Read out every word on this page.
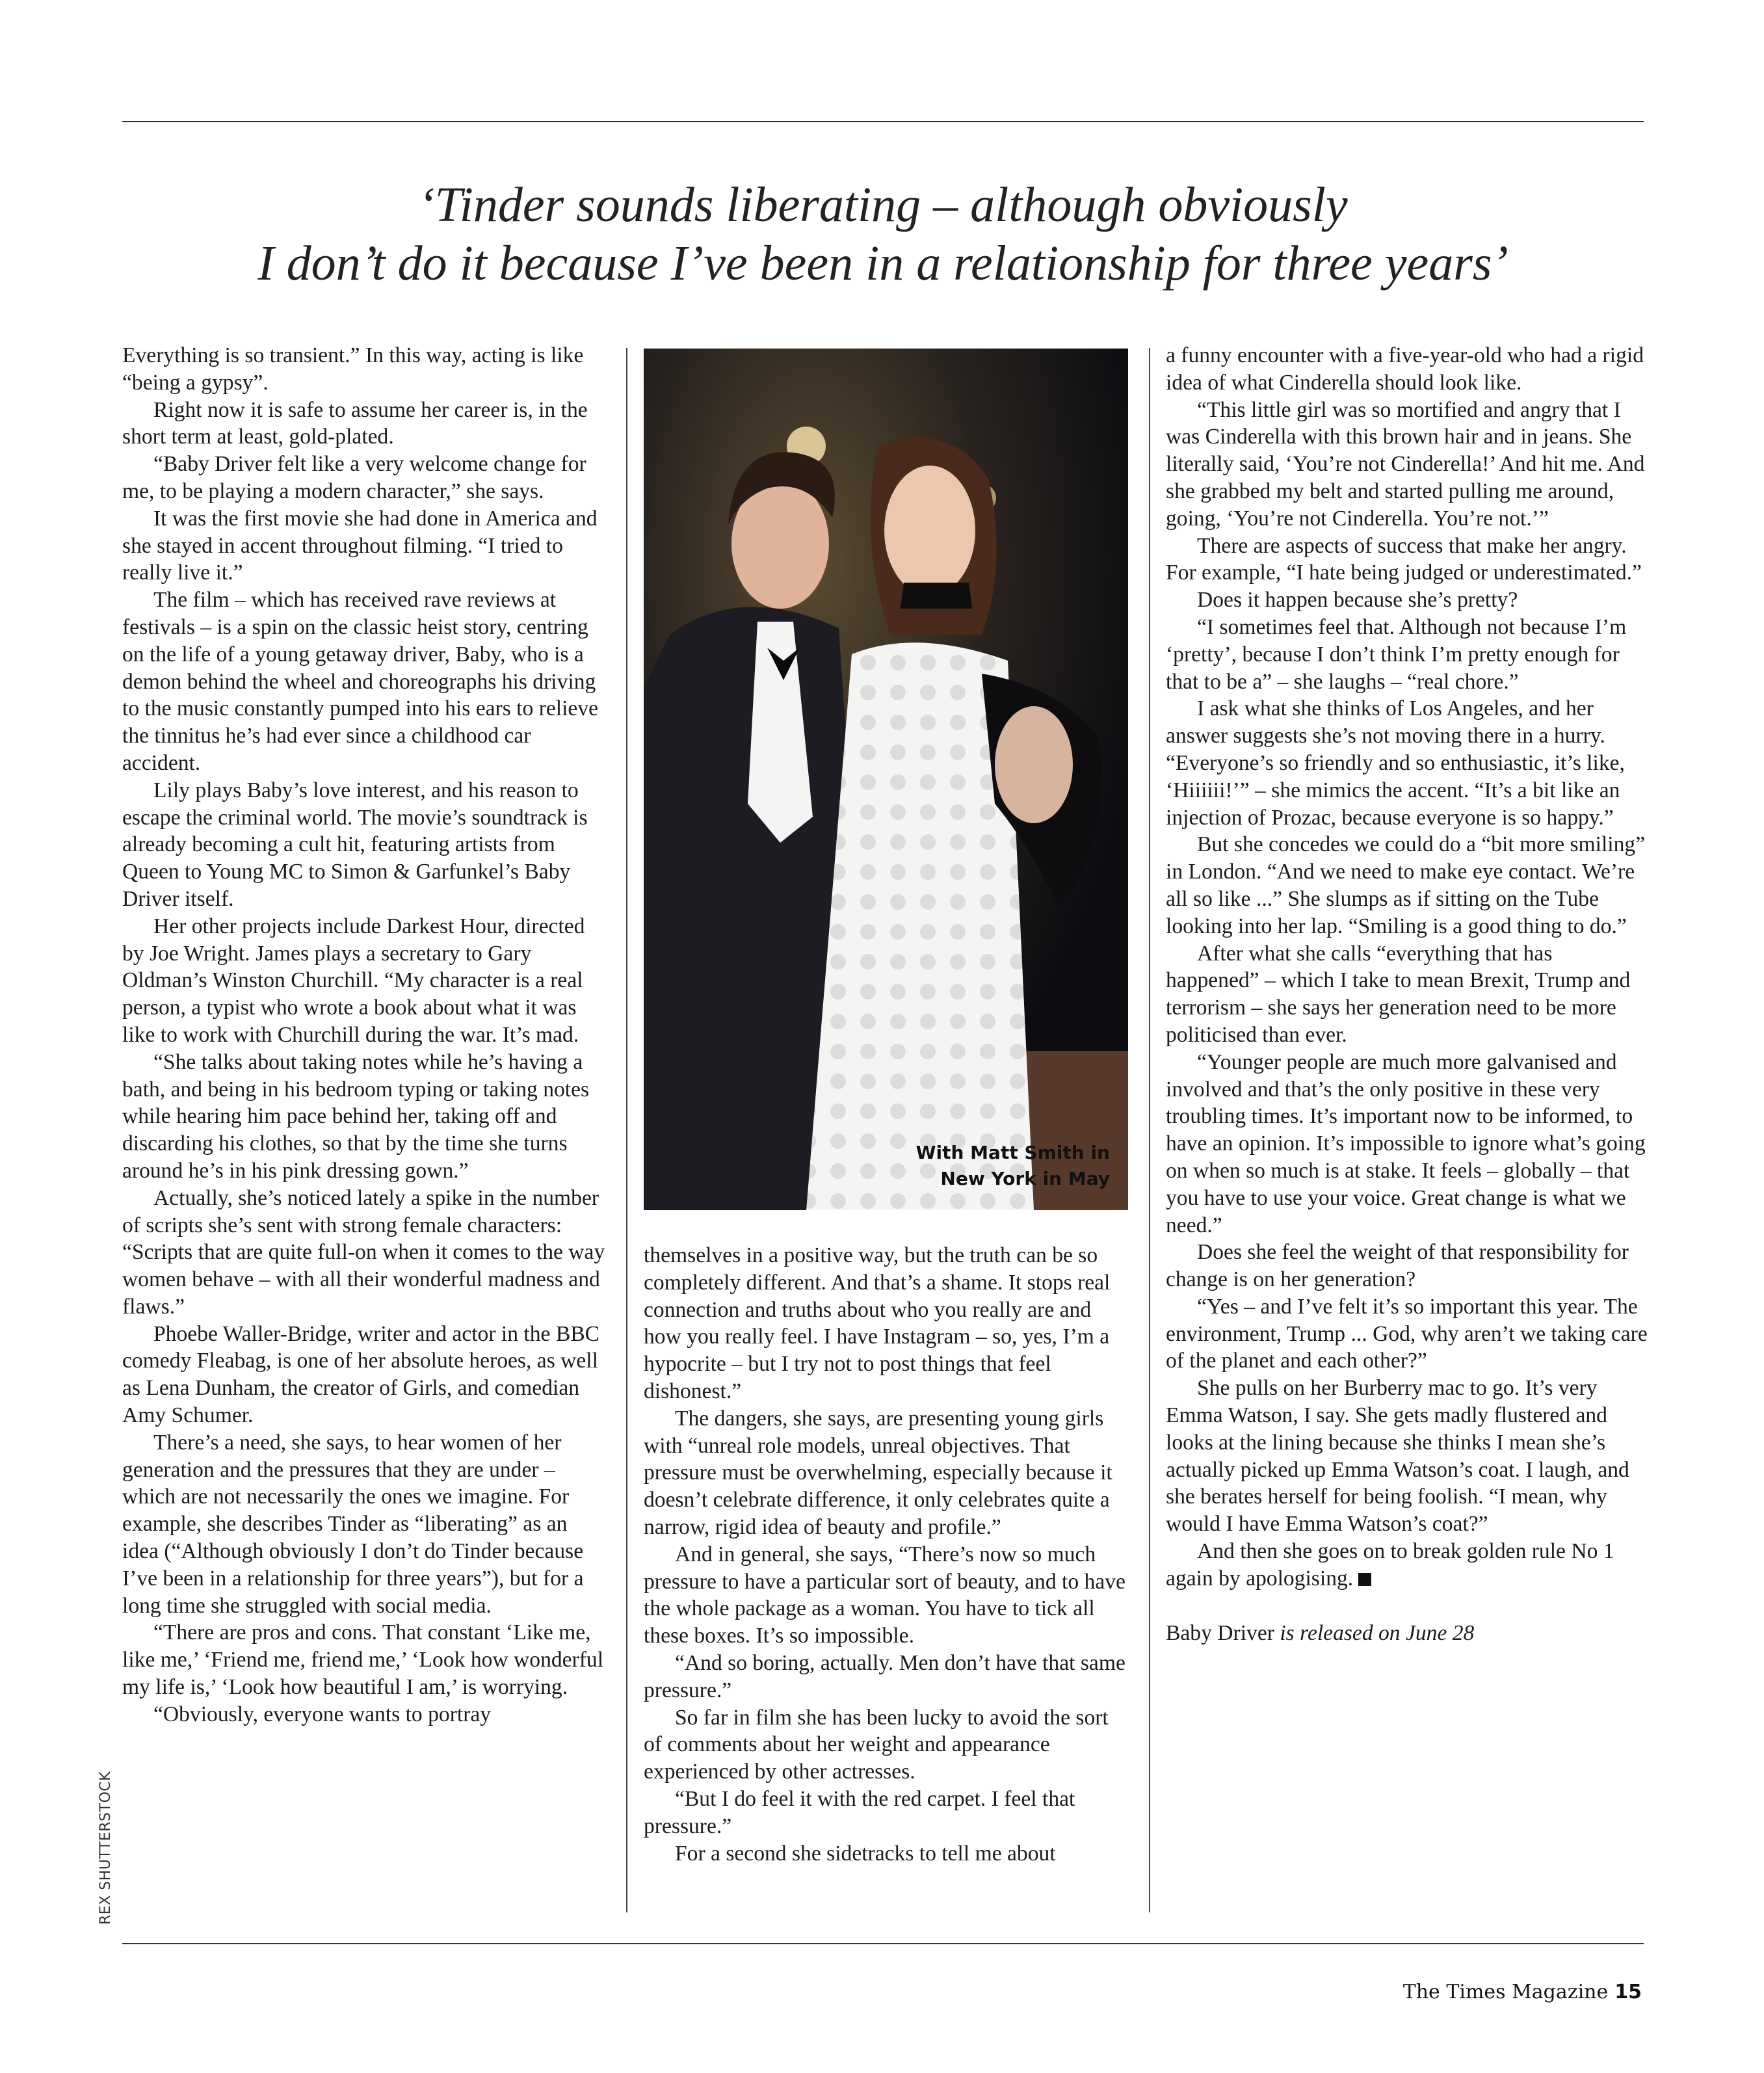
‘Tinder sounds liberating – although obviously
I don’t do it because I’ve been in a relationship for three years’

Everything is so transient.” In this way, acting is like “being a gypsy”.

Right now it is safe to assume her career is, in the short term at least, gold-plated.

“Baby Driver felt like a very welcome change for me, to be playing a modern character,” she says.

It was the first movie she had done in America and she stayed in accent throughout filming. “I tried to really live it.”

The film – which has received rave reviews at festivals – is a spin on the classic heist story, centring on the life of a young getaway driver, Baby, who is a demon behind the wheel and choreographs his driving to the music constantly pumped into his ears to relieve the tinnitus he’s had ever since a childhood car accident.

Lily plays Baby’s love interest, and his reason to escape the criminal world. The movie’s soundtrack is already becoming a cult hit, featuring artists from Queen to Young MC to Simon & Garfunkel’s Baby Driver itself.

Her other projects include Darkest Hour, directed by Joe Wright. James plays a secretary to Gary Oldman’s Winston Churchill. “My character is a real person, a typist who wrote a book about what it was like to work with Churchill during the war. It’s mad.

“She talks about taking notes while he’s having a bath, and being in his bedroom typing or taking notes while hearing him pace behind her, taking off and discarding his clothes, so that by the time she turns around he’s in his pink dressing gown.”

Actually, she’s noticed lately a spike in the number of scripts she’s sent with strong female characters: “Scripts that are quite full-on when it comes to the way women behave – with all their wonderful madness and flaws.”

Phoebe Waller-Bridge, writer and actor in the BBC comedy Fleabag, is one of her absolute heroes, as well as Lena Dunham, the creator of Girls, and comedian Amy Schumer.

There’s a need, she says, to hear women of her generation and the pressures that they are under – which are not necessarily the ones we imagine. For example, she describes Tinder as “liberating” as an idea (“Although obviously I don’t do Tinder because I’ve been in a relationship for three years”), but for a long time she struggled with social media.

“There are pros and cons. That constant ‘Like me, like me,’ ‘Friend me, friend me,’ ‘Look how wonderful my life is,’ ‘Look how beautiful I am,’ is worrying.

“Obviously, everyone wants to portray

With Matt Smith in
New York in May

themselves in a positive way, but the truth can be so completely different. And that’s a shame. It stops real connection and truths about who you really are and how you really feel. I have Instagram – so, yes, I’m a hypocrite – but I try not to post things that feel dishonest.”

The dangers, she says, are presenting young girls with “unreal role models, unreal objectives. That pressure must be overwhelming, especially because it doesn’t celebrate difference, it only celebrates quite a narrow, rigid idea of beauty and profile.”

And in general, she says, “There’s now so much pressure to have a particular sort of beauty, and to have the whole package as a woman. You have to tick all these boxes. It’s so impossible.

“And so boring, actually. Men don’t have that same pressure.”

So far in film she has been lucky to avoid the sort of comments about her weight and appearance experienced by other actresses.

“But I do feel it with the red carpet. I feel that pressure.”

For a second she sidetracks to tell me about

a funny encounter with a five-year-old who had a rigid idea of what Cinderella should look like.

“This little girl was so mortified and angry that I was Cinderella with this brown hair and in jeans. She literally said, ‘You’re not Cinderella!’ And hit me. And she grabbed my belt and started pulling me around, going, ‘You’re not Cinderella. You’re not.’”

There are aspects of success that make her angry. For example, “I hate being judged or underestimated.”

Does it happen because she’s pretty?

“I sometimes feel that. Although not because I’m ‘pretty’, because I don’t think I’m pretty enough for that to be a” – she laughs – “real chore.”

I ask what she thinks of Los Angeles, and her answer suggests she’s not moving there in a hurry. “Everyone’s so friendly and so enthusiastic, it’s like, ‘Hiiiiii!’” – she mimics the accent. “It’s a bit like an injection of Prozac, because everyone is so happy.”

But she concedes we could do a “bit more smiling” in London. “And we need to make eye contact. We’re all so like ...” She slumps as if sitting on the Tube looking into her lap. “Smiling is a good thing to do.”

After what she calls “everything that has happened” – which I take to mean Brexit, Trump and terrorism – she says her generation need to be more politicised than ever.

“Younger people are much more galvanised and involved and that’s the only positive in these very troubling times. It’s important now to be informed, to have an opinion. It’s impossible to ignore what’s going on when so much is at stake. It feels – globally – that you have to use your voice. Great change is what we need.”

Does she feel the weight of that responsibility for change is on her generation?

“Yes – and I’ve felt it’s so important this year. The environment, Trump ... God, why aren’t we taking care of the planet and each other?”

She pulls on her Burberry mac to go. It’s very Emma Watson, I say. She gets madly flustered and looks at the lining because she thinks I mean she’s actually picked up Emma Watson’s coat. I laugh, and she berates herself for being foolish. “I mean, why would I have Emma Watson’s coat?”

And then she goes on to break golden rule No 1 again by apologising.

Baby Driver is released on June 28

REX SHUTTERSTOCK
The Times Magazine 15
